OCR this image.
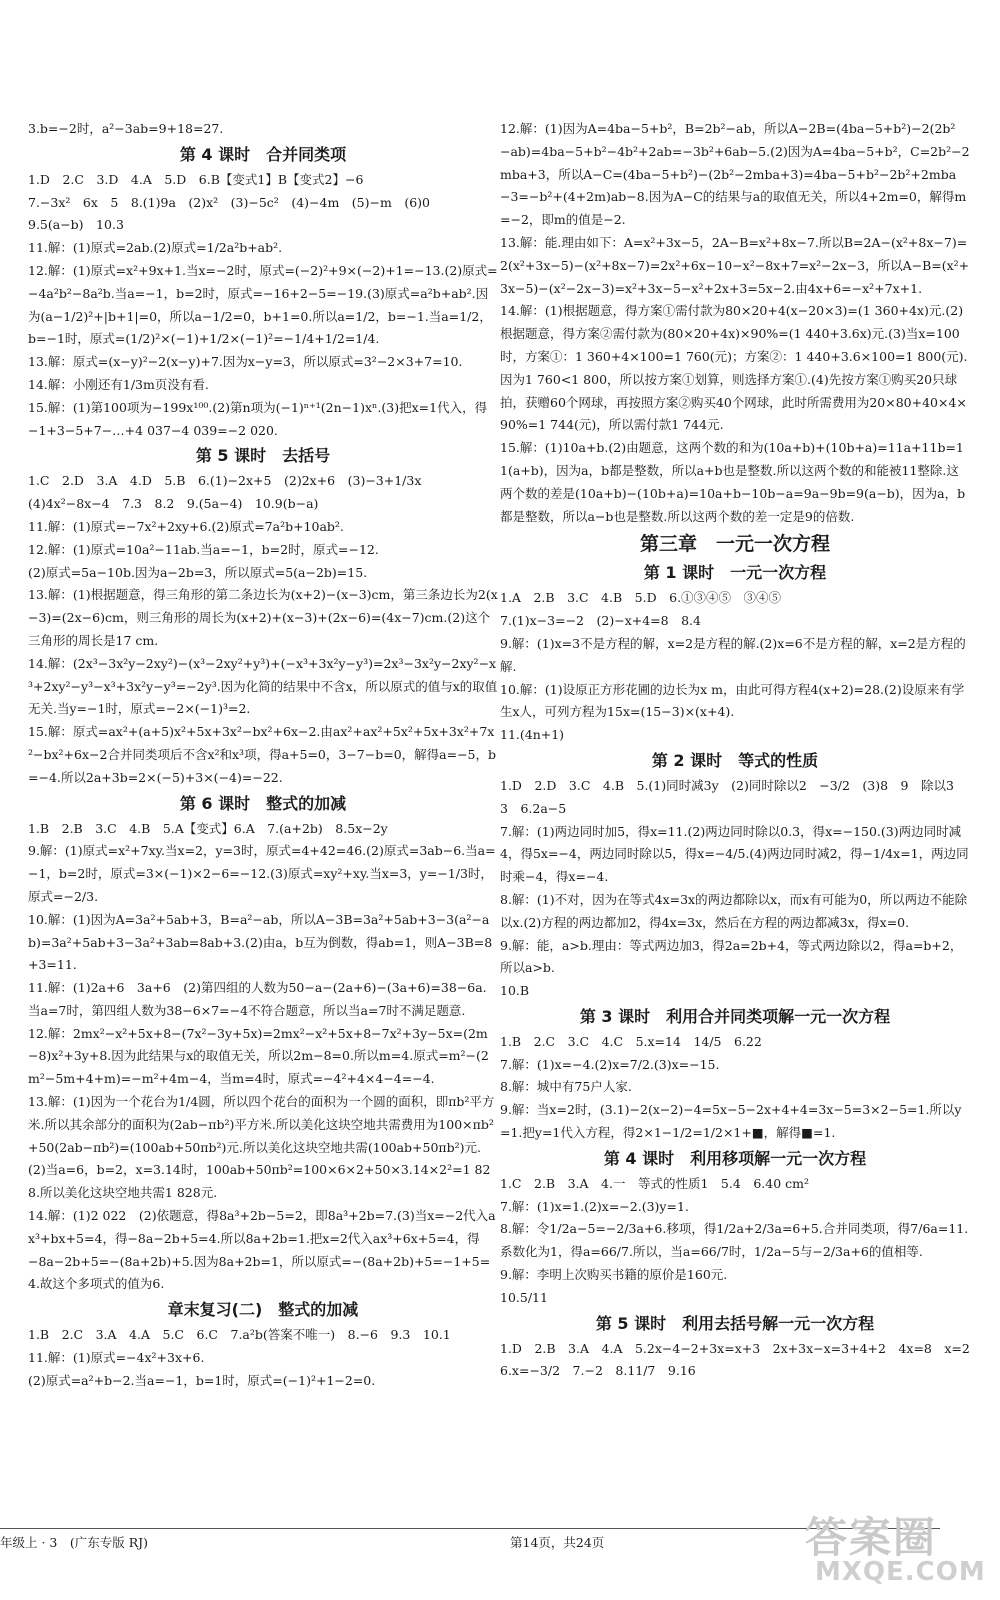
3.b=−2时，a²−3ab=9+18=27.

第 4 课时　合并同类项

1.D　2.C　3.D　4.A　5.D　6.B【变式1】B【变式2】−6

7.−3x²　6x　5　8.(1)9a　(2)x²　(3)−5c²　(4)−4m　(5)−m　(6)0

9.5(a−b)　10.3

11.解：(1)原式=2ab.(2)原式=1/2a²b+ab².

12.解：(1)原式=x²+9x+1.当x=−2时，原式=(−2)²+9×(−2)+1=−13.(2)原式=−4a²b²−8a²b.当a=−1，b=2时，原式=−16+2−5=−19.(3)原式=a²b+ab².因为(a−1/2)²+|b+1|=0，所以a−1/2=0，b+1=0.所以a=1/2，b=−1.当a=1/2，b=−1时，原式=(1/2)²×(−1)+1/2×(−1)²=−1/4+1/2=1/4.

13.解：原式=(x−y)²−2(x−y)+7.因为x−y=3，所以原式=3²−2×3+7=10.

14.解：小刚还有1/3m页没有看.

15.解：(1)第100项为−199x¹⁰⁰.(2)第n项为(−1)ⁿ⁺¹(2n−1)xⁿ.(3)把x=1代入，得−1+3−5+7−…+4 037−4 039=−2 020.

第 5 课时　去括号

1.C　2.D　3.A　4.D　5.B　6.(1)−2x+5　(2)2x+6　(3)−3+1/3x

(4)4x²−8x−4　7.3　8.2　9.(5a−4)　10.9(b−a)

11.解：(1)原式=−7x²+2xy+6.(2)原式=7a²b+10ab².

12.解：(1)原式=10a²−11ab.当a=−1，b=2时，原式=−12.

(2)原式=5a−10b.因为a−2b=3，所以原式=5(a−2b)=15.

13.解：(1)根据题意，得三角形的第二条边长为(x+2)−(x−3)cm，第三条边长为2(x−3)=(2x−6)cm，则三角形的周长为(x+2)+(x−3)+(2x−6)=(4x−7)cm.(2)这个三角形的周长是17 cm.

14.解：(2x³−3x²y−2xy²)−(x³−2xy²+y³)+(−x³+3x²y−y³)=2x³−3x²y−2xy²−x³+2xy²−y³−x³+3x²y−y³=−2y³.因为化简的结果中不含x，所以原式的值与x的取值无关.当y=−1时，原式=−2×(−1)³=2.

15.解：原式=ax²+(a+5)x²+5x+3x²−bx²+6x−2.由ax²+ax²+5x²+5x+3x²+7x²−bx²+6x−2合并同类项后不含x²和x³项，得a+5=0，3−7−b=0，解得a=−5，b=−4.所以2a+3b=2×(−5)+3×(−4)=−22.

第 6 课时　整式的加减

1.B　2.B　3.C　4.B　5.A【变式】6.A　7.(a+2b)　8.5x−2y

9.解：(1)原式=x²+7xy.当x=2，y=3时，原式=4+42=46.(2)原式=3ab−6.当a=−1，b=2时，原式=3×(−1)×2−6=−12.(3)原式=xy²+xy.当x=3，y=−1/3时，原式=−2/3.

10.解：(1)因为A=3a²+5ab+3，B=a²−ab，所以A−3B=3a²+5ab+3−3(a²−ab)=3a²+5ab+3−3a²+3ab=8ab+3.(2)由a，b互为倒数，得ab=1，则A−3B=8+3=11.

11.解：(1)2a+6　3a+6　(2)第四组的人数为50−a−(2a+6)−(3a+6)=38−6a.当a=7时，第四组人数为38−6×7=−4不符合题意，所以当a=7时不满足题意.

12.解：2mx²−x²+5x+8−(7x²−3y+5x)=2mx²−x²+5x+8−7x²+3y−5x=(2m−8)x²+3y+8.因为此结果与x的取值无关，所以2m−8=0.所以m=4.原式=m²−(2m²−5m+4+m)=−m²+4m−4，当m=4时，原式=−4²+4×4−4=−4.

13.解：(1)因为一个花台为1/4圆，所以四个花台的面积为一个圆的面积，即πb²平方米.所以其余部分的面积为(2ab−πb²)平方米.所以美化这块空地共需费用为100×πb²+50(2ab−πb²)=(100ab+50πb²)元.所以美化这块空地共需(100ab+50πb²)元.(2)当a=6，b=2，x=3.14时，100ab+50πb²=100×6×2+50×3.14×2²=1 828.所以美化这块空地共需1 828元.

14.解：(1)2 022　(2)依题意，得8a³+2b−5=2，即8a³+2b=7.(3)当x=−2代入ax³+bx+5=4，得−8a−2b+5=4.所以8a+2b=1.把x=2代入ax³+6x+5=4，得−8a−2b+5=−(8a+2b)+5.因为8a+2b=1，所以原式=−(8a+2b)+5=−1+5=4.故这个多项式的值为6.

章末复习(二)　整式的加减

1.B　2.C　3.A　4.A　5.C　6.C　7.a²b(答案不唯一)　8.−6　9.3　10.1

11.解：(1)原式=−4x²+3x+6.

(2)原式=a²+b−2.当a=−1，b=1时，原式=(−1)²+1−2=0.

12.解：(1)因为A=4ba−5+b²，B=2b²−ab，所以A−2B=(4ba−5+b²)−2(2b²−ab)=4ba−5+b²−4b²+2ab=−3b²+6ab−5.(2)因为A=4ba−5+b²，C=2b²−2mba+3，所以A−C=(4ba−5+b²)−(2b²−2mba+3)=4ba−5+b²−2b²+2mba−3=−b²+(4+2m)ab−8.因为A−C的结果与a的取值无关，所以4+2m=0，解得m=−2，即m的值是−2.

13.解：能.理由如下：A=x²+3x−5，2A−B=x²+8x−7.所以B=2A−(x²+8x−7)=2(x²+3x−5)−(x²+8x−7)=2x²+6x−10−x²−8x+7=x²−2x−3，所以A−B=(x²+3x−5)−(x²−2x−3)=x²+3x−5−x²+2x+3=5x−2.由4x+6=−x²+7x+1.

14.解：(1)根据题意，得方案①需付款为80×20+4(x−20×3)=(1 360+4x)元.(2)根据题意，得方案②需付款为(80×20+4x)×90%=(1 440+3.6x)元.(3)当x=100时，方案①：1 360+4×100=1 760(元)；方案②：1 440+3.6×100=1 800(元).因为1 760<1 800，所以按方案①划算，则选择方案①.(4)先按方案①购买20只球拍，获赠60个网球，再按照方案②购买40个网球，此时所需费用为20×80+40×4×90%=1 744(元)，所以需付款1 744元.

15.解：(1)10a+b.(2)由题意，这两个数的和为(10a+b)+(10b+a)=11a+11b=11(a+b)，因为a，b都是整数，所以a+b也是整数.所以这两个数的和能被11整除.这两个数的差是(10a+b)−(10b+a)=10a+b−10b−a=9a−9b=9(a−b)，因为a，b都是整数，所以a−b也是整数.所以这两个数的差一定是9的倍数.

第三章　一元一次方程
第 1 课时　一元一次方程

1.A　2.B　3.C　4.B　5.D　6.①③④⑤　③④⑤

7.(1)x−3=−2　(2)−x+4=8　8.4

9.解：(1)x=3不是方程的解，x=2是方程的解.(2)x=6不是方程的解，x=2是方程的解.

10.解：(1)设原正方形花圃的边长为x m，由此可得方程4(x+2)=28.(2)设原来有学生x人，可列方程为15x=(15−3)×(x+4).

11.(4n+1)

第 2 课时　等式的性质

1.D　2.D　3.C　4.B　5.(1)同时减3y　(2)同时除以2　−3/2　(3)8　9　除以3　3　6.2a−5

7.解：(1)两边同时加5，得x=11.(2)两边同时除以0.3，得x=−150.(3)两边同时减4，得5x=−4，两边同时除以5，得x=−4/5.(4)两边同时减2，得−1/4x=1，两边同时乘−4，得x=−4.

8.解：(1)不对，因为在等式4x=3x的两边都除以x，而x有可能为0，所以两边不能除以x.(2)方程的两边都加2，得4x=3x，然后在方程的两边都减3x，得x=0.

9.解：能，a>b.理由：等式两边加3，得2a=2b+4，等式两边除以2，得a=b+2，所以a>b.

10.B

第 3 课时　利用合并同类项解一元一次方程

1.B　2.C　3.C　4.C　5.x=14　14/5　6.22

7.解：(1)x=−4.(2)x=7/2.(3)x=−15.

8.解：城中有75户人家.

9.解：当x=2时，(3.1)−2(x−2)−4=5x−5−2x+4+4=3x−5=3×2−5=1.所以y=1.把y=1代入方程，得2×1−1/2=1/2×1+■，解得■=1.

第 4 课时　利用移项解一元一次方程

1.C　2.B　3.A　4.一　等式的性质1　5.4　6.40 cm²

7.解：(1)x=1.(2)x=−2.(3)y=1.

8.解：令1/2a−5=−2/3a+6.移项，得1/2a+2/3a=6+5.合并同类项，得7/6a=11.系数化为1，得a=66/7.所以，当a=66/7时，1/2a−5与−2/3a+6的值相等.

9.解：李明上次购买书籍的原价是160元.

10.5/11

第 5 课时　利用去括号解一元一次方程

1.D　2.B　3.A　4.A　5.2x−4−2+3x=x+3　2x+3x−x=3+4+2　4x=8　x=2　6.x=−3/2　7.−2　8.11/7　9.16

年级上 · 3　(广东专版 RJ)	第14页，共24页	答案圈
MXQE.COM
